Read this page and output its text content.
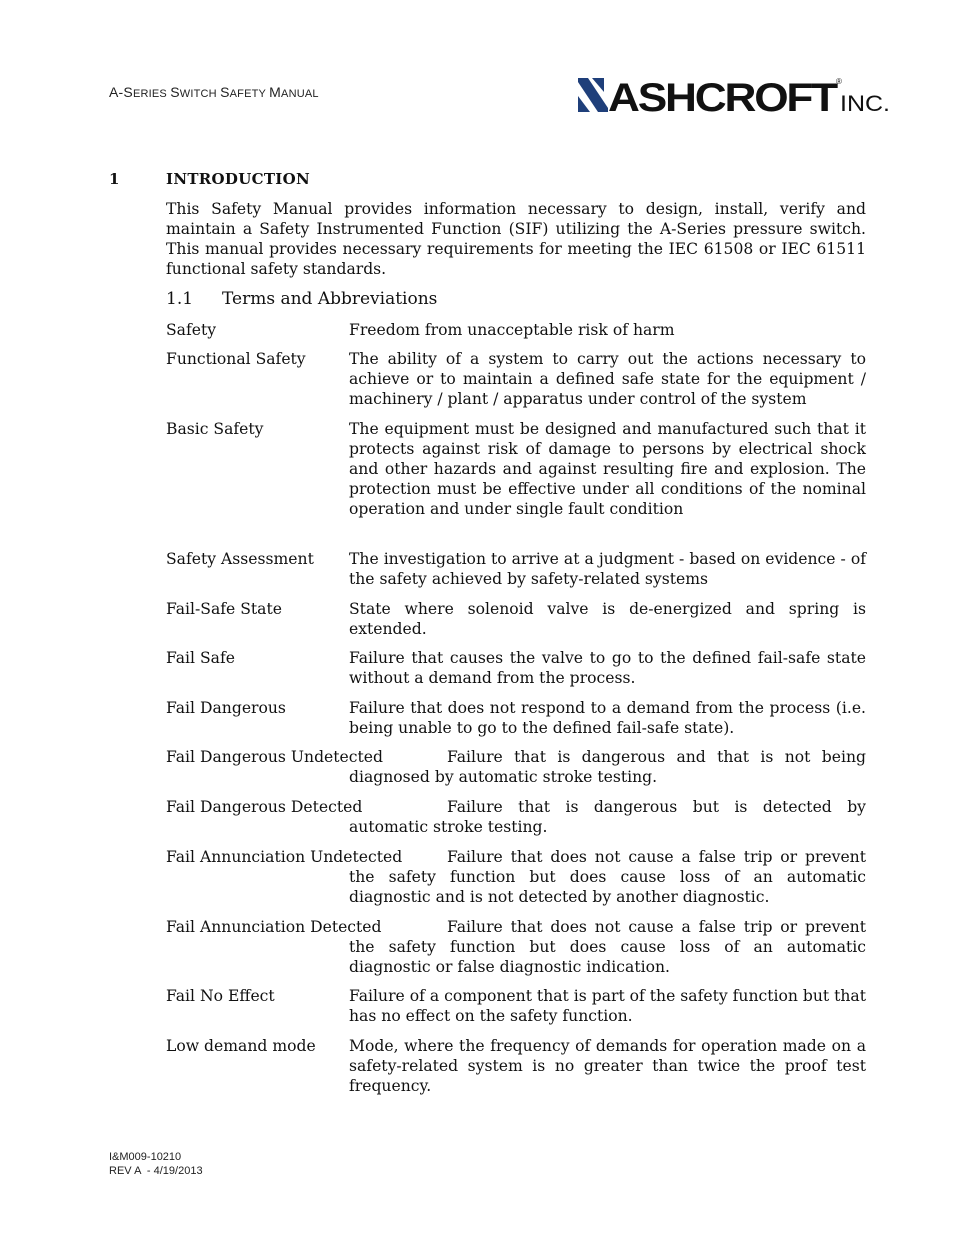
A-SERIES SWITCH SAFETY MANUAL	ASHCROFT
®
INC.
1	INTRODUCTION
This Safety Manual provides information necessary to design, install, verify and maintain a Safety Instrumented Function (SIF) utilizing the A-Series pressure switch. This manual provides necessary requirements for meeting the IEC 61508 or IEC 61511 functional safety standards.
1.1 Terms and Abbreviations
Safety	Freedom from unacceptable risk of harm
Functional Safety	The ability of a system to carry out the actions necessary to achieve or to maintain a defined safe state for the equipment / machinery / plant / apparatus under control of the system
Basic Safety	The equipment must be designed and manufactured such that it protects against risk of damage to persons by electrical shock and other hazards and against resulting fire and explosion. The protection must be effective under all conditions of the nominal operation and under single fault condition
Safety Assessment The investigation to arrive at a judgment - based on evidence - of the safety achieved by safety-related systems
Fail-Safe State	State where solenoid valve is de-energized and spring is extended.
Fail Safe	Failure that causes the valve to go to the defined fail-safe state without a demand from the process.
Fail Dangerous	Failure that does not respond to a demand from the process (i.e. being unable to go to the defined fail-safe state).
Fail Dangerous Undetected	Failure that is dangerous and that is not being diagnosed by automatic stroke testing.
Fail Dangerous Detected	Failure that is dangerous but is detected by automatic stroke testing.
Fail Annunciation Undetected	Failure that does not cause a false trip or prevent the safety function but does cause loss of an automatic diagnostic and is not detected by another diagnostic.
Fail Annunciation Detected	Failure that does not cause a false trip or prevent the safety function but does cause loss of an automatic diagnostic or false diagnostic indication.
Fail No Effect	Failure of a component that is part of the safety function but that has no effect on the safety function.
Low demand mode Mode, where the frequency of demands for operation made on a safety-related system is no greater than twice the proof test frequency.
I&M009-10210
REV A  - 4/19/2013
